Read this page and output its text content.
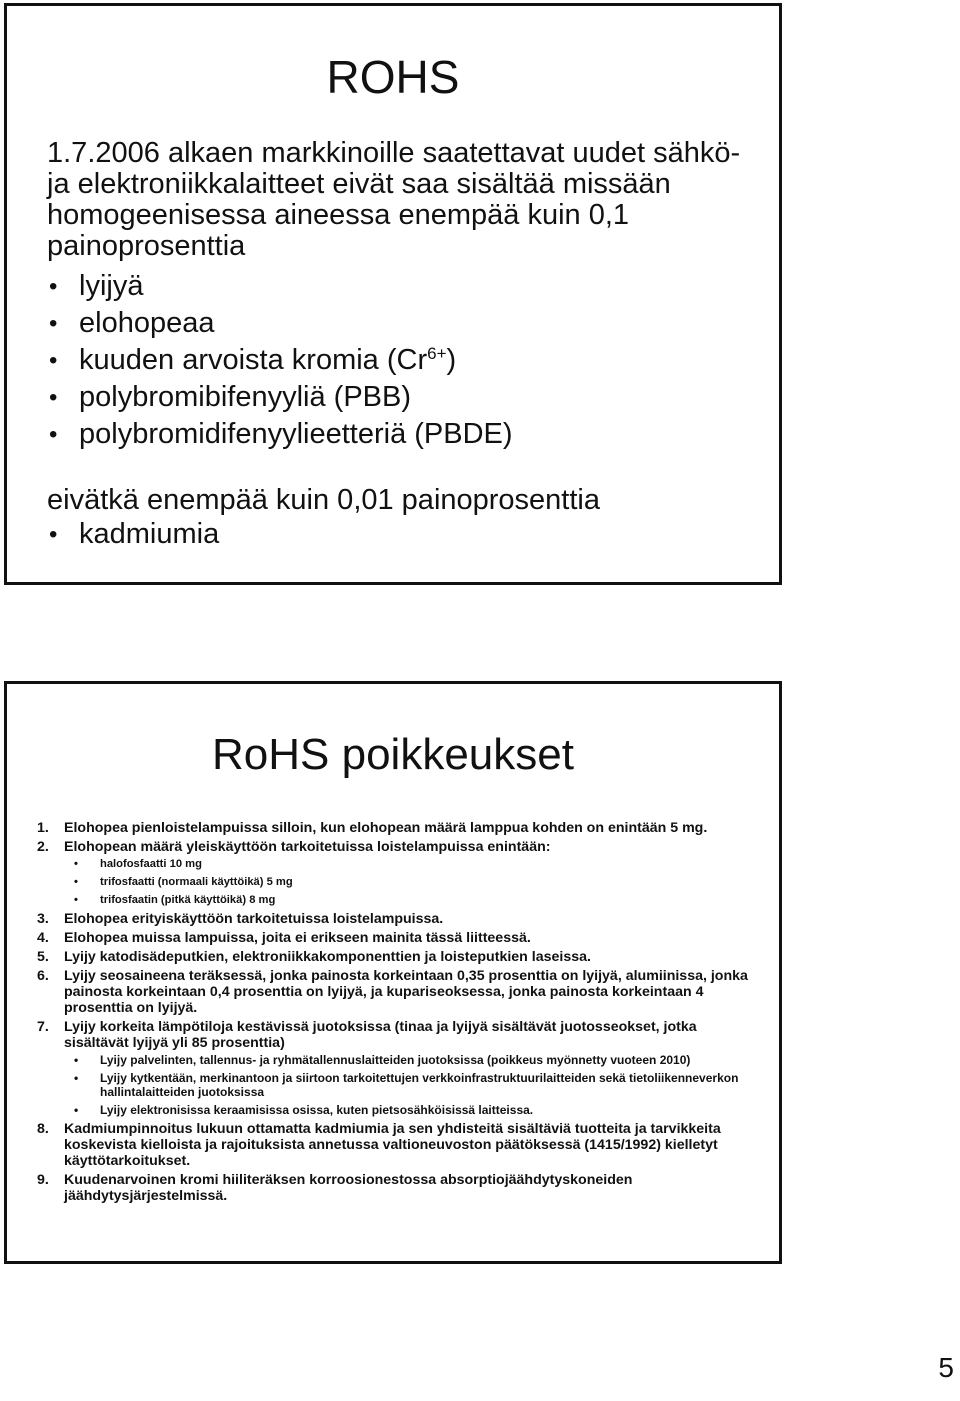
ROHS

1.7.2006 alkaen markkinoille saatettavat uudet sähkö- ja elektroniikkalaitteet eivät saa sisältää missään homogeenisessa aineessa enempää kuin 0,1 painoprosenttia

• lyijyä
• elohopeaa
• kuuden arvoista kromia $(Cr^{6+})$
• polybromibifenyyliä (PBB)
• polybromidifenyylieetteriä (PBDE)

eivätkä enempää kuin 0,01 painoprosenttia

• kadmiumia
RoHS poikkeukset
1. Elohopea pienloistelampuissa silloin, kun elohopean määrä lamppua kohden on enintään 5 mg.
2. Elohopean määrä yleiskäyttöön tarkoitetuissa loistelampuissa enintään:
• halofosfaatti 10 mg
• trifosfaatti (normaali käyttöikä) 5 mg
• trifosfaatin (pitkä käyttöikä) 8 mg
3. Elohopea erityiskäyttöön tarkoitetuissa loistelampuissa.
4. Elohopea muissa lampuissa, joita ei erikseen mainita tässä liitteessä.
5. Lyijy katodisädeputkien, elektroniikkakomponenttien ja loisteputkien laseissa.
6. Lyijy seosaineena teräksessä, jonka painosta korkeintaan 0,35 prosenttia on lyijyä, alumiinissa, jonka painosta korkeintaan 0,4 prosenttia on lyijyä, ja kupariseoksessa, jonka painosta korkeintaan 4 prosenttia on lyijyä.
7. Lyijy korkeita lämpötiloja kestävissä juotoksissa (tinaa ja lyijyä sisältävät juotosseokset, jotka sisältävät lyijyä yli 85 prosenttia)
• Lyijy palvelinten, tallennus- ja ryhmätallennuslaitteiden juotoksissa (poikkeus myönnetty vuoteen 2010)
• Lyijy kytkentään, merkinantoon ja siirtoon tarkoitettujen verkkoinfrastruktuurilaitteiden sekä tietoliikenneverkon hallintalaitteiden juotoksissa
• Lyijy elektronisissa keraamisissa osissa, kuten pietsosähköisissä laitteissa.
8. Kadmiumpinnoitus lukuun ottamatta kadmiumia ja sen yhdisteitä sisältäviä tuotteita ja tarvikkeita koskevista kielloista ja rajoituksista annetussa valtioneuvoston päätöksessä (1415/1992) kielletyt käyttötarkoitukset.
9. Kuudenarvoinen kromi hiiliteräksen korroosionestossa absorptiojäähdytyskoneiden jäähdytysjärjestelmissä.
5
